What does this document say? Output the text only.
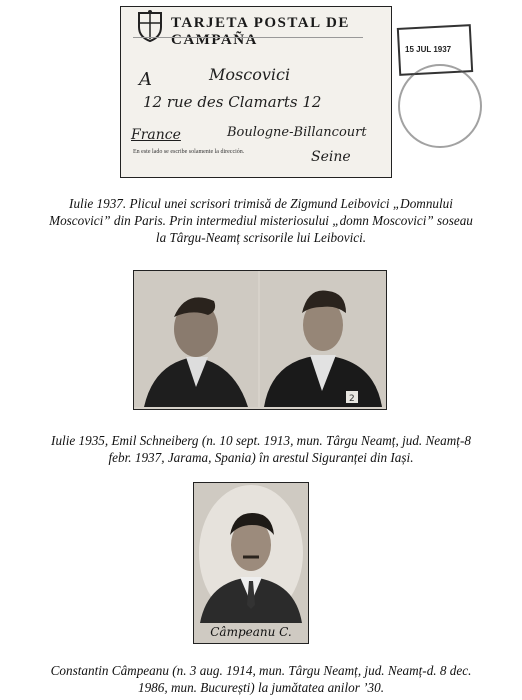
TARJETA POSTAL DE CAMPAÑA
A	Moscovici
12 rue des Clamarts 12
France	Boulogne-Billancourt
Seine
En este lado se escribe solamente la dirección.
15 JUL 1937
Iulie 1937. Plicul unei scrisori trimisă de Zigmund Leibovici „Domnului
Moscovici” din Paris. Prin intermediul misteriosului „domn Moscovici” soseau
la Târgu-Neamț scrisorile lui Leibovici.
2
Iulie 1935, Emil Schneiberg (n. 10 sept. 1913, mun. Târgu Neamț, jud. Neamț-8
febr. 1937, Jarama, Spania) în arestul Siguranței din Iași.
Câmpeanu C.
Constantin Câmpeanu (n. 3 aug. 1914, mun. Târgu Neamț, jud. Neamț-d. 8 dec.
1986, mun. București) la jumătatea anilor ’30.
